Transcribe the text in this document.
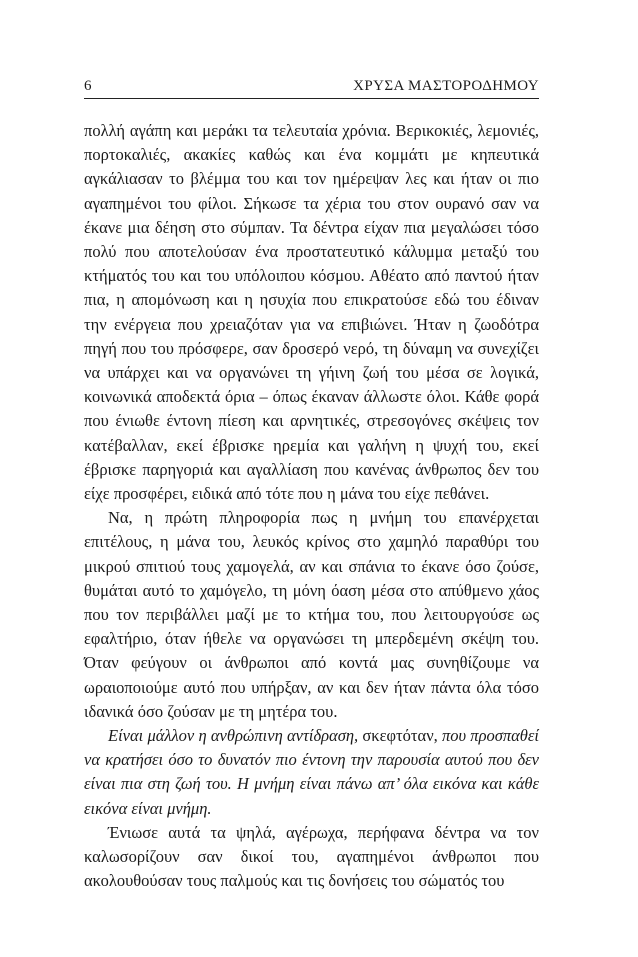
6	ΧΡΥΣΑ ΜΑΣΤΟΡΟΔΗΜΟΥ

πολλή αγάπη και μεράκι τα τελευταία χρόνια. Βερικοκιές, λεμονιές, πορτοκαλιές, ακακίες καθώς και ένα κομμάτι με κηπευτικά αγκάλιασαν το βλέμμα του και τον ημέρεψαν λες και ήταν οι πιο αγαπημένοι του φίλοι. Σήκωσε τα χέρια του στον ουρανό σαν να έκανε μια δέηση στο σύμπαν. Τα δέντρα είχαν πια μεγαλώσει τόσο πολύ που αποτελούσαν ένα προστατευτικό κάλυμμα μεταξύ του κτήματός του και του υπόλοιπου κόσμου. Αθέατο από παντού ήταν πια, η απομόνωση και η ησυχία που επικρατούσε εδώ του έδιναν την ενέργεια που χρειαζόταν για να επιβιώνει. Ήταν η ζωοδότρα πηγή που του πρόσφερε, σαν δροσερό νερό, τη δύναμη να συνεχίζει να υπάρχει και να οργανώνει τη γήινη ζωή του μέσα σε λογικά, κοινωνικά αποδεκτά όρια – όπως έκαναν άλλωστε όλοι. Κάθε φορά που ένιωθε έντονη πίεση και αρνητικές, στρεσογόνες σκέψεις τον κατέβαλλαν, εκεί έβρισκε ηρεμία και γαλήνη η ψυχή του, εκεί έβρισκε παρηγοριά και αγαλλίαση που κανένας άνθρωπος δεν του είχε προσφέρει, ειδικά από τότε που η μάνα του είχε πεθάνει.

Να, η πρώτη πληροφορία πως η μνήμη του επανέρχεται επιτέλους, η μάνα του, λευκός κρίνος στο χαμηλό παραθύρι του μικρού σπιτιού τους χαμογελά, αν και σπάνια το έκανε όσο ζούσε, θυμάται αυτό το χαμόγελο, τη μόνη όαση μέσα στο απύθμενο χάος που τον περιβάλλει μαζί με το κτήμα του, που λειτουργούσε ως εφαλτήριο, όταν ήθελε να οργανώσει τη μπερδεμένη σκέψη του. Όταν φεύγουν οι άνθρωποι από κοντά μας συνηθίζουμε να ωραιοποιούμε αυτό που υπήρξαν, αν και δεν ήταν πάντα όλα τόσο ιδανικά όσο ζούσαν με τη μητέρα του.

Είναι μάλλον η ανθρώπινη αντίδραση, σκεφτόταν, που προσπαθεί να κρατήσει όσο το δυνατόν πιο έντονη την παρουσία αυτού που δεν είναι πια στη ζωή του. Η μνήμη είναι πάνω απ’ όλα εικόνα και κάθε εικόνα είναι μνήμη.

Ένιωσε αυτά τα ψηλά, αγέρωχα, περήφανα δέντρα να τον καλωσορίζουν σαν δικοί του, αγαπημένοι άνθρωποι που ακολουθούσαν τους παλμούς και τις δονήσεις του σώματός του
